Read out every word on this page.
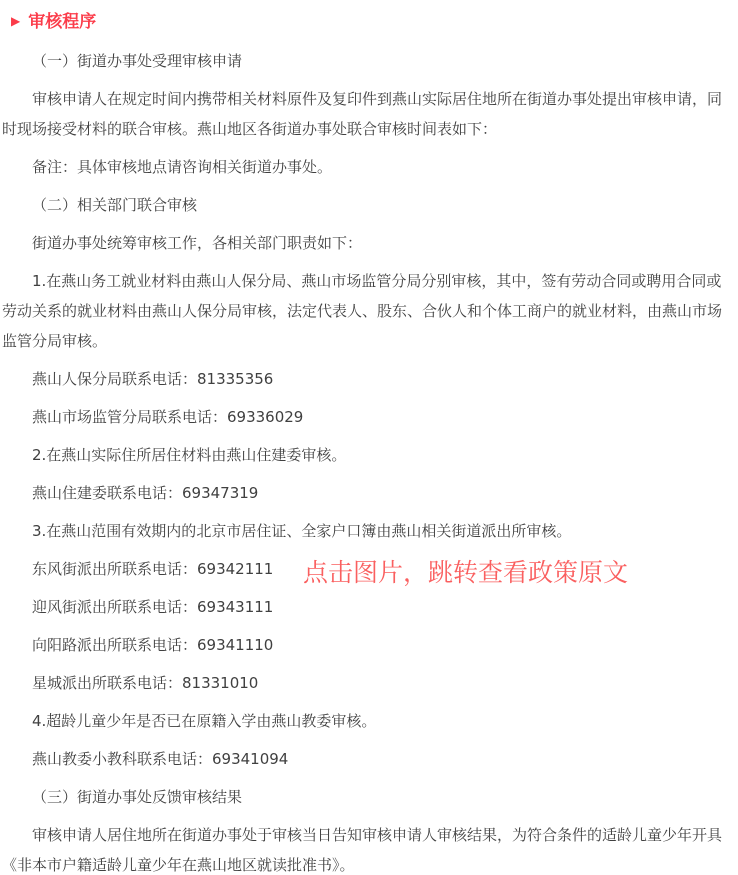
▶ 审核程序

（一）街道办事处受理审核申请

审核申请人在规定时间内携带相关材料原件及复印件到燕山实际居住地所在街道办事处提出审核申请，同时现场接受材料的联合审核。燕山地区各街道办事处联合审核时间表如下：

备注：具体审核地点请咨询相关街道办事处。

（二）相关部门联合审核

街道办事处统筹审核工作，各相关部门职责如下：

1.在燕山务工就业材料由燕山人保分局、燕山市场监管分局分别审核，其中，签有劳动合同或聘用合同或劳动关系的就业材料由燕山人保分局审核，法定代表人、股东、合伙人和个体工商户的就业材料，由燕山市场监管分局审核。

燕山人保分局联系电话：81335356

燕山市场监管分局联系电话：69336029

2.在燕山实际住所居住材料由燕山住建委审核。

燕山住建委联系电话：69347319

3.在燕山范围有效期内的北京市居住证、全家户口簿由燕山相关街道派出所审核。

东风街派出所联系电话：69342111

迎风街派出所联系电话：69343111

向阳路派出所联系电话：69341110

星城派出所联系电话：81331010

4.超龄儿童少年是否已在原籍入学由燕山教委审核。

燕山教委小教科联系电话：69341094

（三）街道办事处反馈审核结果

审核申请人居住地所在街道办事处于审核当日告知审核申请人审核结果，为符合条件的适龄儿童少年开具《非本市户籍适龄儿童少年在燕山地区就读批准书》。

点击图片，跳转查看政策原文
